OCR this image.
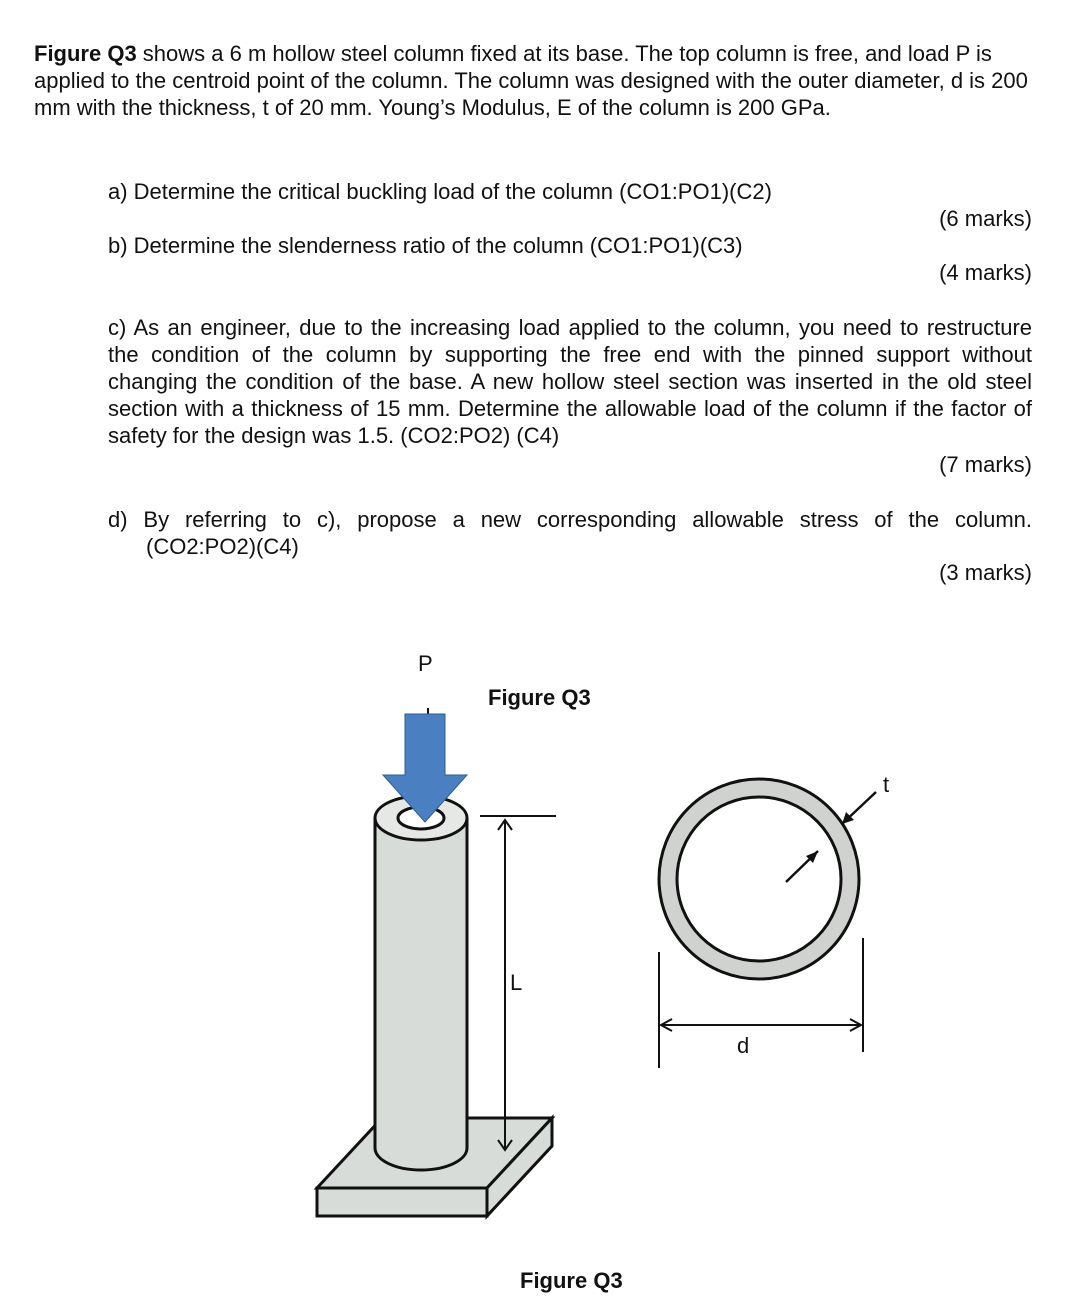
Figure Q3 shows a 6 m hollow steel column fixed at its base. The top column is free, and load P is applied to the centroid point of the column. The column was designed with the outer diameter, d is 200 mm with the thickness, t of 20 mm. Young’s Modulus, E of the column is 200 GPa.
a) Determine the critical buckling load of the column (CO1:PO1)(C2)
(6 marks)
b) Determine the slenderness ratio of the column (CO1:PO1)(C3)
(4 marks)
c) As an engineer, due to the increasing load applied to the column, you need to restructure the condition of the column by supporting the free end with the pinned support without changing the condition of the base. A new hollow steel section was inserted in the old steel section with a thickness of 15 mm. Determine the allowable load of the column if the factor of safety for the design was 1.5. (CO2:PO2) (C4)
(7 marks)
d) By referring to c), propose a new corresponding allowable stress of the column.
(CO2:PO2)(C4)
(3 marks)
P
Figure Q3
L
t
d
Figure Q3
